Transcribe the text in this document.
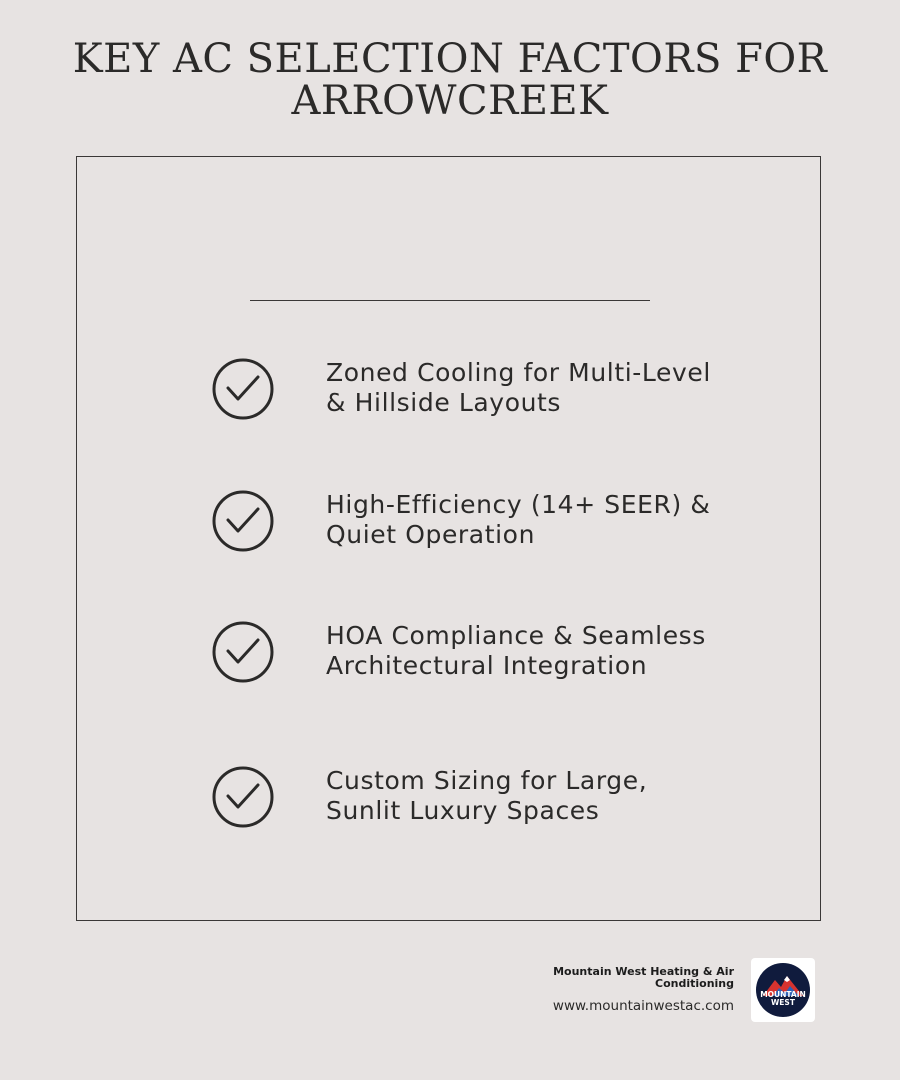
KEY AC SELECTION FACTORS FOR
ARROWCREEK
Zoned Cooling for Multi-Level
& Hillside Layouts
High-Efficiency (14+ SEER) &
Quiet Operation
HOA Compliance & Seamless
Architectural Integration
Custom Sizing for Large,
Sunlit Luxury Spaces
Mountain West Heating & Air
Conditioning
www.mountainwestac.com
MOUNTAIN
WEST
